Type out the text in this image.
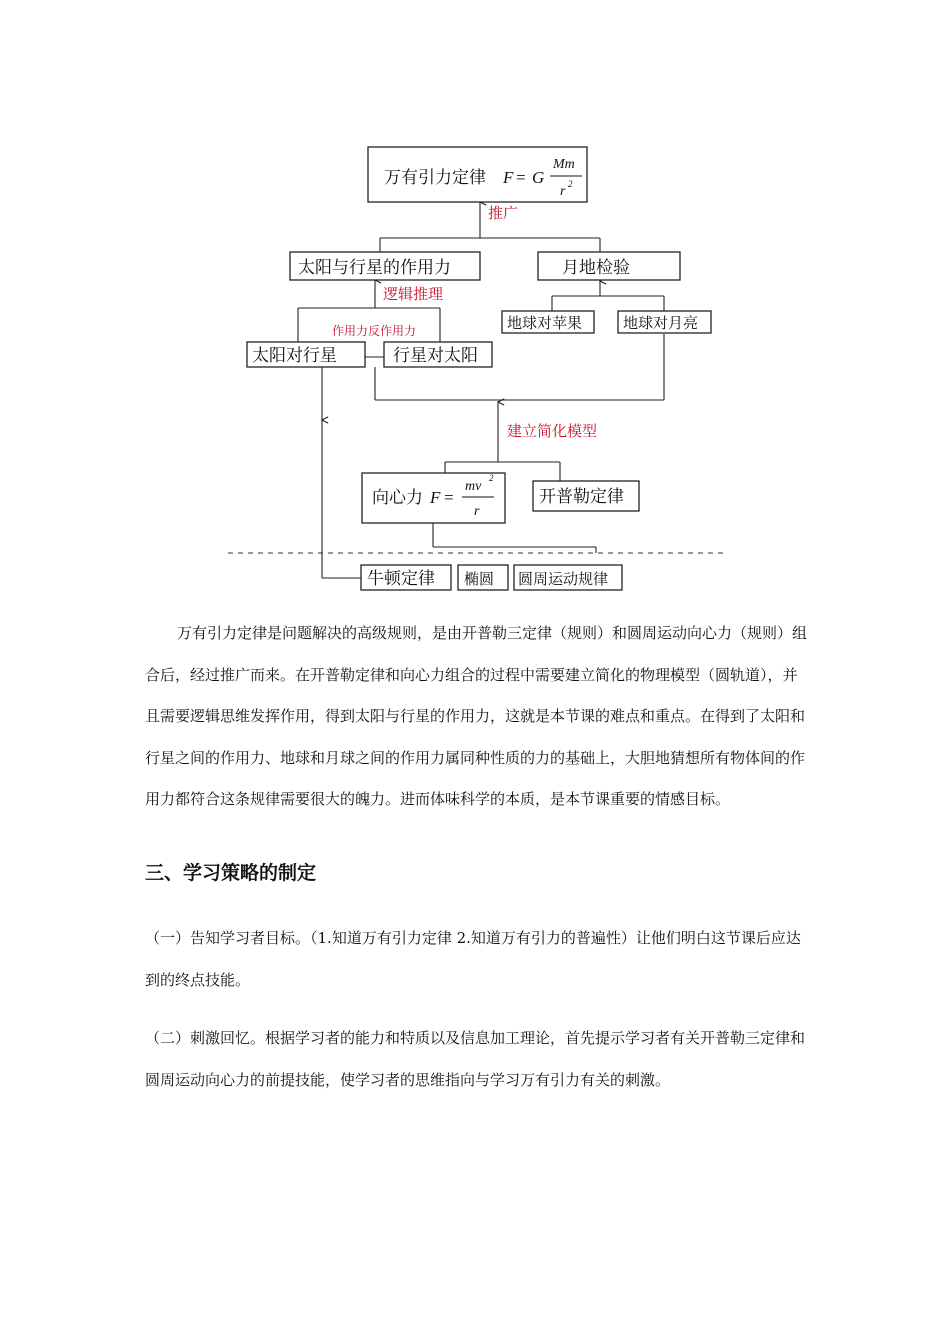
万有引力定律 F = G
Mm
r 2
推广
太阳与行星的作用力	月地检验
逻辑推理
作用力反作用力	地球对苹果	地球对月亮
太阳对行星	行星对太阳
建立简化模型
向心力 F =
mv
2
r
开普勒定律
牛顿定律 椭圆 圆周运动规律

万有引力定律是问题解决的高级规则，是由开普勒三定律（规则）和圆周运动向心力（规则）组合后，经过推广而来。在开普勒定律和向心力组合的过程中需要建立简化的物理模型（圆轨道），并且需要逻辑思维发挥作用，得到太阳与行星的作用力，这就是本节课的难点和重点。在得到了太阳和行星之间的作用力、地球和月球之间的作用力属同种性质的力的基础上，大胆地猜想所有物体间的作用力都符合这条规律需要很大的魄力。进而体味科学的本质，是本节课重要的情感目标。

三、学习策略的制定

（一）告知学习者目标。（1.知道万有引力定律 2.知道万有引力的普遍性）让他们明白这节课后应达到的终点技能。

（二）刺激回忆。根据学习者的能力和特质以及信息加工理论，首先提示学习者有关开普勒三定律和圆周运动向心力的前提技能，使学习者的思维指向与学习万有引力有关的刺激。
